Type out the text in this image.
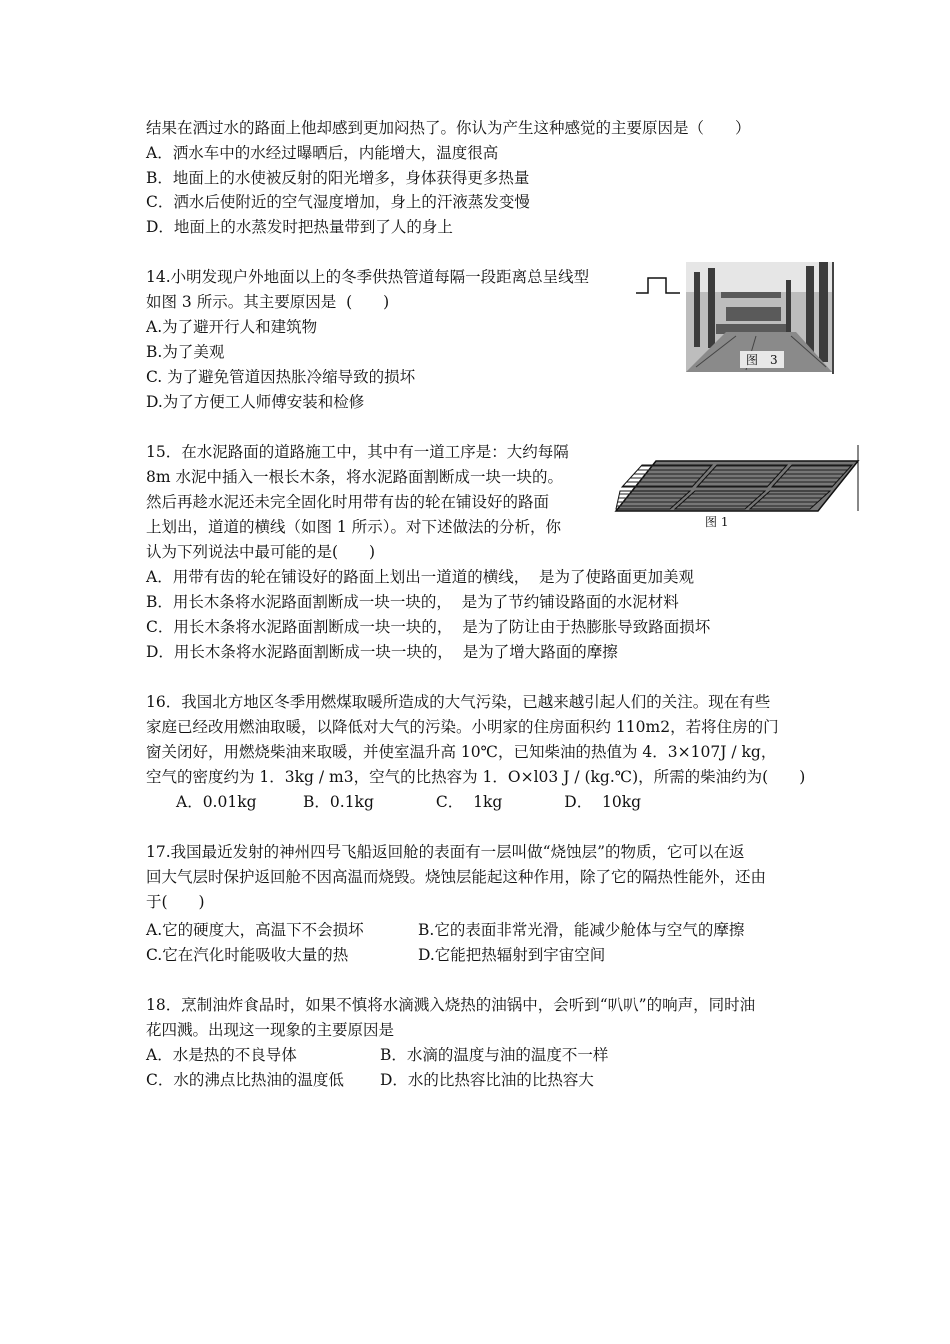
结果在洒过水的路面上他却感到更加闷热了。你认为产生这种感觉的主要原因是（　　）
A．洒水车中的水经过曝晒后，内能增大，温度很高
B．地面上的水使被反射的阳光增多，身体获得更多热量
C．洒水后使附近的空气湿度增加，身上的汗液蒸发变慢
D．地面上的水蒸发时把热量带到了人的身上
14.小明发现户外地面以上的冬季供热管道每隔一段距离总呈线型
如图 3 所示。其主要原因是  (　　)
A.为了避开行人和建筑物
B.为了美观
C. 为了避免管道因热胀冷缩导致的损坏
D.为了方便工人师傅安装和检修
图　3
15．在水泥路面的道路施工中，其中有一道工序是：大约每隔
8m 水泥中插入一根长木条，将水泥路面割断成一块一块的。
然后再趁水泥还未完全固化时用带有齿的轮在铺设好的路面
上划出，道道的横线（如图 1 所示）。对下述做法的分析，你
认为下列说法中最可能的是(　　)
A．用带有齿的轮在铺设好的路面上划出一道道的横线，  是为了使路面更加美观
B．用长木条将水泥路面割断成一块一块的，  是为了节约铺设路面的水泥材料
C．用长木条将水泥路面割断成一块一块的，  是为了防让由于热膨胀导致路面损坏
D．用长木条将水泥路面割断成一块一块的，  是为了增大路面的摩擦
图 1
16．我国北方地区冬季用燃煤取暖所造成的大气污染，已越来越引起人们的关注。现在有些
家庭已经改用燃油取暖，以降低对大气的污染。小明家的住房面积约 110m2，若将住房的门
窗关闭好，用燃烧柴油来取暖，并使室温升高 10℃，已知柴油的热值为 4．3×107J / kg，
空气的密度约为 1．3kg / m3，空气的比热容为 1．O×l03 J / (kg.℃)，所需的柴油约为(　　)
A．0.01kg　　　B．0.1kg　　　　C．  1kg　　　　D．  10kg
17.我国最近发射的神州四号飞船返回舱的表面有一层叫做“烧蚀层”的物质，它可以在返
回大气层时保护返回舱不因高温而烧毁。烧蚀层能起这种作用，除了它的隔热性能外，还由
于(　　)
A.它的硬度大，高温下不会损坏	B.它的表面非常光滑，能减少舱体与空气的摩擦
C.它在汽化时能吸收大量的热	D.它能把热辐射到宇宙空间
18．烹制油炸食品时，如果不慎将水滴溅入烧热的油锅中，会听到“叭叭”的响声，同时油
花四溅。出现这一现象的主要原因是
A．水是热的不良导体	B．水滴的温度与油的温度不一样
C．水的沸点比热油的温度低 D．水的比热容比油的比热容大
